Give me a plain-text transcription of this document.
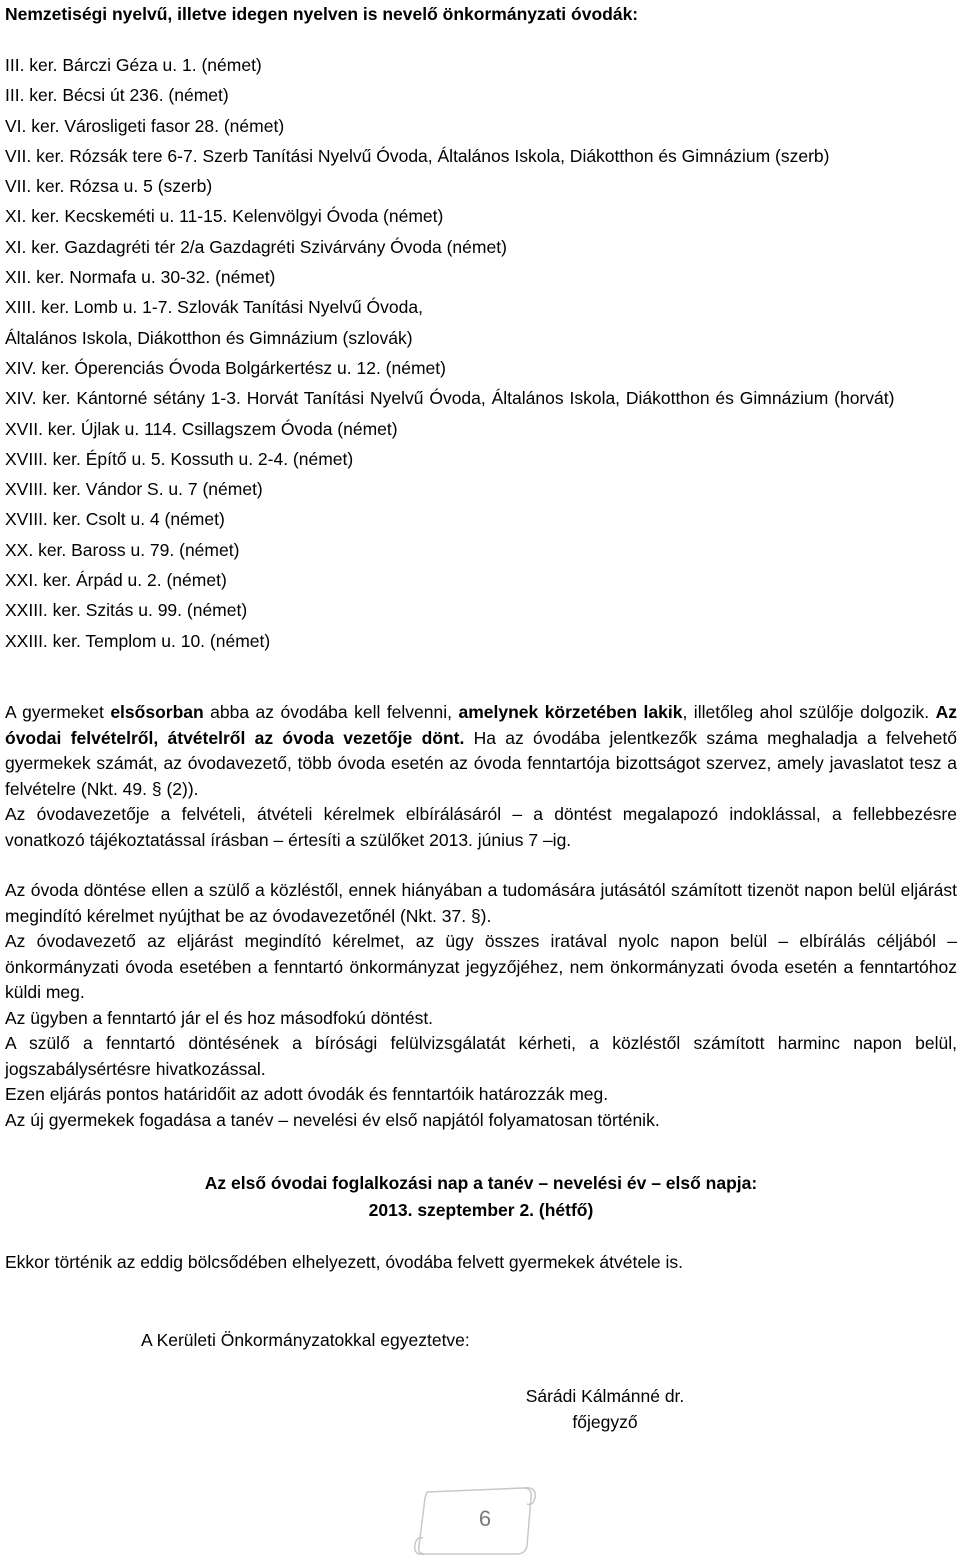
Nemzetiségi nyelvű, illetve idegen nyelven is nevelő önkormányzati óvodák:
III. ker. Bárczi Géza u. 1. (német)
III. ker. Bécsi út 236. (német)
VI. ker. Városligeti fasor 28. (német)
VII. ker. Rózsák tere 6-7. Szerb Tanítási Nyelvű Óvoda, Általános Iskola, Diákotthon és Gimnázium (szerb)
VII. ker. Rózsa u. 5 (szerb)
XI. ker. Kecskeméti u. 11-15. Kelenvölgyi Óvoda (német)
XI. ker. Gazdagréti tér 2/a Gazdagréti Szivárvány Óvoda (német)
XII. ker. Normafa u. 30-32. (német)
XIII. ker. Lomb u. 1-7. Szlovák Tanítási Nyelvű Óvoda,
Általános Iskola, Diákotthon és Gimnázium (szlovák)
XIV. ker. Óperenciás Óvoda Bolgárkertész u. 12. (német)
XIV. ker. Kántorné sétány 1-3. Horvát Tanítási Nyelvű Óvoda, Általános Iskola, Diákotthon és Gimnázium (horvát)
XVII. ker. Újlak u. 114. Csillagszem Óvoda (német)
XVIII. ker. Építő u. 5. Kossuth u. 2-4. (német)
XVIII. ker. Vándor S. u. 7 (német)
XVIII. ker. Csolt u. 4 (német)
XX. ker. Baross u. 79. (német)
XXI. ker. Árpád u. 2. (német)
XXIII. ker. Szitás u. 99. (német)
XXIII. ker. Templom u. 10. (német)

A gyermeket elsősorban abba az óvodába kell felvenni, amelynek körzetében lakik, illetőleg ahol szülője dolgozik. Az óvodai felvételről, átvételről az óvoda vezetője dönt. Ha az óvodába jelentkezők száma meghaladja a felvehető gyermekek számát, az óvodavezető, több óvoda esetén az óvoda fenntartója bizottságot szervez, amely javaslatot tesz a felvételre (Nkt. 49. § (2)).

Az óvodavezetője a felvételi, átvételi kérelmek elbírálásáról – a döntést megalapozó indoklással, a fellebbezésre vonatkozó tájékoztatással írásban – értesíti a szülőket 2013. június 7 –ig.

Az óvoda döntése ellen a szülő a közléstől, ennek hiányában a tudomására jutásától számított tizenöt napon belül eljárást megindító kérelmet nyújthat be az óvodavezetőnél (Nkt. 37. §).

Az óvodavezető az eljárást megindító kérelmet, az ügy összes iratával nyolc napon belül – elbírálás céljából – önkormányzati óvoda esetében a fenntartó önkormányzat jegyzőjéhez, nem önkormányzati óvoda esetén a fenntartóhoz küldi meg.

Az ügyben a fenntartó jár el és hoz másodfokú döntést.

A szülő a fenntartó döntésének a bírósági felülvizsgálatát kérheti, a közléstől számított harminc napon belül, jogszabálysértésre hivatkozással.

Ezen eljárás pontos határidőit az adott óvodák és fenntartóik határozzák meg.

Az új gyermekek fogadása a tanév – nevelési év első napjától folyamatosan történik.

Az első óvodai foglalkozási nap a tanév – nevelési év – első napja:
2013. szeptember 2. (hétfő)
Ekkor történik az eddig bölcsődében elhelyezett, óvodába felvett gyermekek átvétele is.
A Kerületi Önkormányzatokkal egyeztetve:
Sárádi Kálmánné dr.
főjegyző
6
